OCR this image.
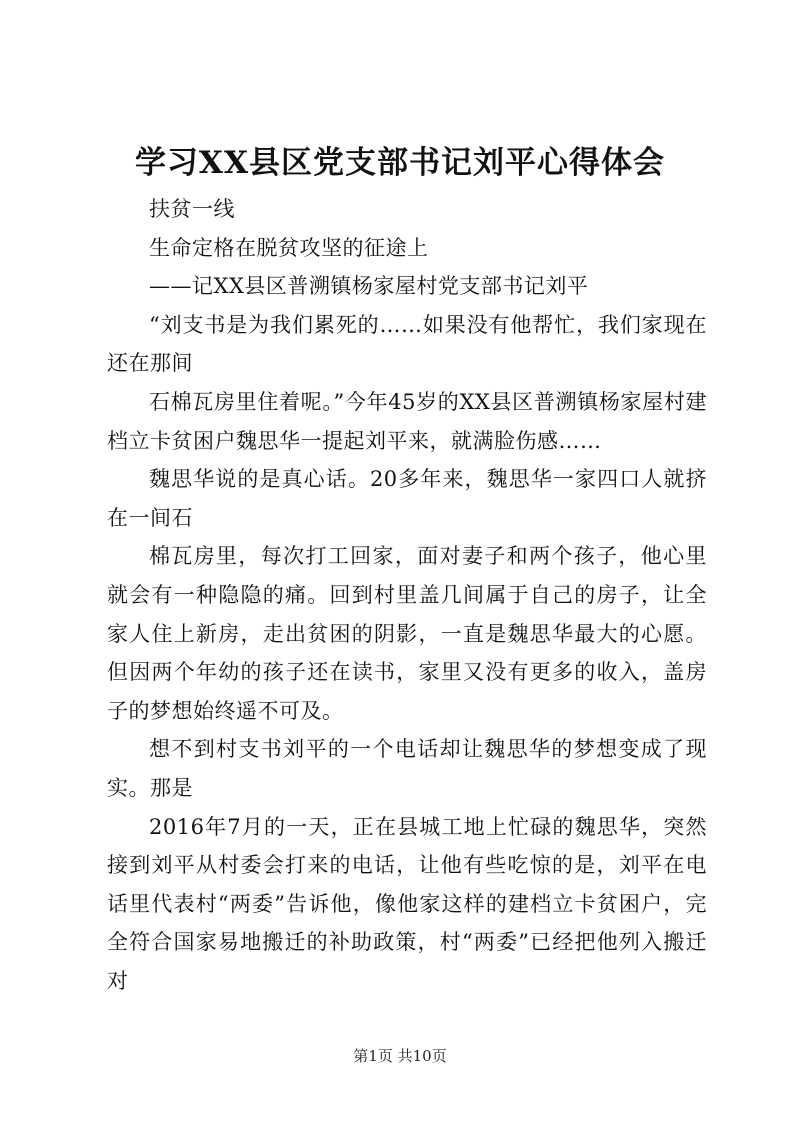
学习XX县区党支部书记刘平心得体会

扶贫一线

生命定格在脱贫攻坚的征途上

——记XX县区普溯镇杨家屋村党支部书记刘平

“刘支书是为我们累死的……如果没有他帮忙，我们家现在还在那间

石棉瓦房里住着呢。”今年45岁的XX县区普溯镇杨家屋村建档立卡贫困户魏思华一提起刘平来，就满脸伤感……

魏思华说的是真心话。20多年来，魏思华一家四口人就挤在一间石

棉瓦房里，每次打工回家，面对妻子和两个孩子，他心里就会有一种隐隐的痛。回到村里盖几间属于自己的房子，让全家人住上新房，走出贫困的阴影，一直是魏思华最大的心愿。但因两个年幼的孩子还在读书，家里又没有更多的收入，盖房子的梦想始终遥不可及。

想不到村支书刘平的一个电话却让魏思华的梦想变成了现实。那是

2016年7月的一天，正在县城工地上忙碌的魏思华，突然接到刘平从村委会打来的电话，让他有些吃惊的是，刘平在电话里代表村“两委”告诉他，像他家这样的建档立卡贫困户，完全符合国家易地搬迁的补助政策，村“两委”已经把他列入搬迁对

第1页 共10页
